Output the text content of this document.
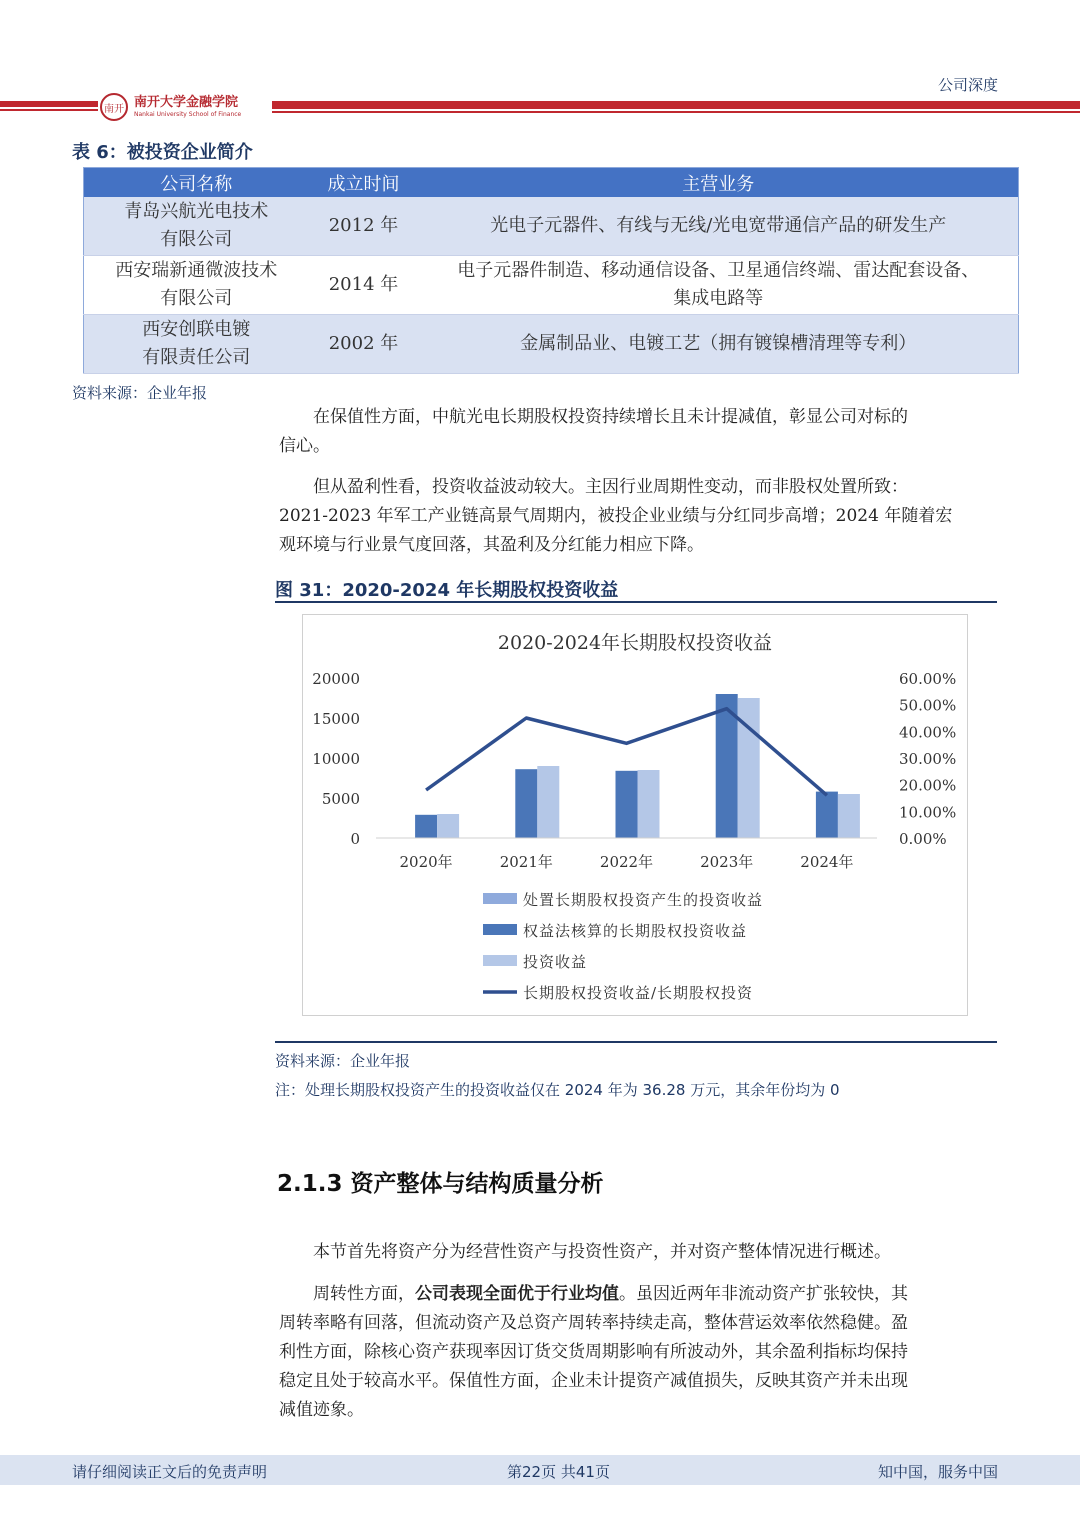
公司深度
南开 南开大学金融学院
Nankai University School of Finance
表 6：被投资企业简介
公司名称	成立时间	主营业务
青岛兴航光电技术
有限公司	2012 年	光电子元器件、有线与无线/光电宽带通信产品的研发生产
西安瑞新通微波技术
有限公司	2014 年	电子元器件制造、移动通信设备、卫星通信终端、雷达配套设备、
集成电路等
西安创联电镀
有限责任公司	2002 年	金属制品业、电镀工艺（拥有镀镍槽清理等专利）
资料来源：企业年报
在保值性方面，中航光电长期股权投资持续增长且未计提减值，彰显公司对标的
信心。
但从盈利性看，投资收益波动较大。主因行业周期性变动，而非股权处置所致：
2021-2023 年军工产业链高景气周期内，被投企业业绩与分红同步高增；2024 年随着宏
观环境与行业景气度回落，其盈利及分红能力相应下降。
图 31：2020-2024 年长期股权投资收益
2020-2024年长期股权投资收益
0
5000
10000
15000
20000
0.00%
10.00%
20.00%
30.00%
40.00%
50.00%
60.00%
2020年	2021年	2022年	2023年	2024年
处置长期股权投资产生的投资收益
权益法核算的长期股权投资收益
投资收益
长期股权投资收益/长期股权投资
资料来源：企业年报
注：处理长期股权投资产生的投资收益仅在 2024 年为 36.28 万元，其余年份均为 0
2.1.3 资产整体与结构质量分析
本节首先将资产分为经营性资产与投资性资产，并对资产整体情况进行概述。
周转性方面，公司表现全面优于行业均值。虽因近两年非流动资产扩张较快，其
周转率略有回落，但流动资产及总资产周转率持续走高，整体营运效率依然稳健。盈
利性方面，除核心资产获现率因订货交货周期影响有所波动外，其余盈利指标均保持
稳定且处于较高水平。保值性方面，企业未计提资产减值损失，反映其资产并未出现
减值迹象。
请仔细阅读正文后的免责声明	第22页 共41页	知中国，服务中国
